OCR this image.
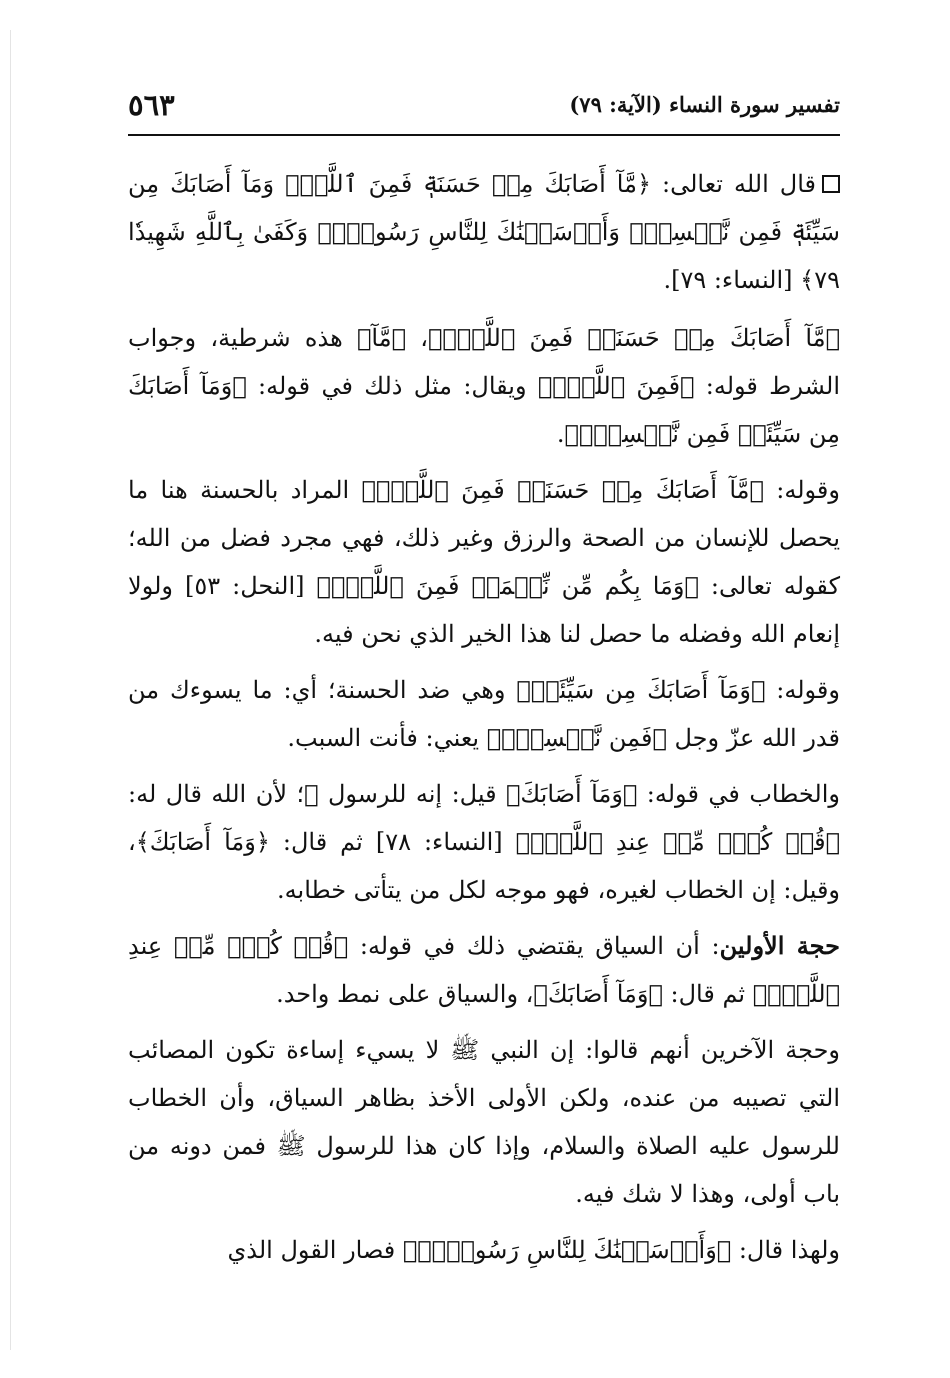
تفسير سورة النساء (الآية: ٧٩)
٥٦٣

قال الله تعالى: ﴿مَّآ أَصَابَكَ مِنۡ حَسَنَةٖ فَمِنَ ٱللَّهِۖ وَمَآ أَصَابَكَ مِن سَيِّئَةٖ فَمِن نَّفۡسِكَۚ وَأَرۡسَلۡنَٰكَ لِلنَّاسِ رَسُولٗاۚ وَكَفَىٰ بِٱللَّهِ شَهِيدٗا ٧٩﴾ [النساء: ٧٩].

﴿مَّآ أَصَابَكَ مِنۡ حَسَنَةٖ فَمِنَ ٱللَّهِۖ﴾، ﴿مَّآ﴾ هذه شرطية، وجواب الشرط قوله: ﴿فَمِنَ ٱللَّهِۖ﴾ ويقال: مثل ذلك في قوله: ﴿وَمَآ أَصَابَكَ مِن سَيِّئَةٖ فَمِن نَّفۡسِكَۚ﴾.

وقوله: ﴿مَّآ أَصَابَكَ مِنۡ حَسَنَةٖ فَمِنَ ٱللَّهِۖ﴾ المراد بالحسنة هنا ما يحصل للإنسان من الصحة والرزق وغير ذلك، فهي مجرد فضل من الله؛ كقوله تعالى: ﴿وَمَا بِكُم مِّن نِّعۡمَةٖ فَمِنَ ٱللَّهِۖ﴾ [النحل: ٥٣] ولولا إنعام الله وفضله ما حصل لنا هذا الخير الذي نحن فيه.

وقوله: ﴿وَمَآ أَصَابَكَ مِن سَيِّئَةٖ﴾ وهي ضد الحسنة؛ أي: ما يسوءك من قدر الله عزّ وجل ﴿فَمِن نَّفۡسِكَۚ﴾ يعني: فأنت السبب.

والخطاب في قوله: ﴿وَمَآ أَصَابَكَ﴾ قيل: إنه للرسول ﷺ؛ لأن الله قال له: ﴿قُلۡ كُلّٞ مِّنۡ عِندِ ٱللَّهِۖ﴾ [النساء: ٧٨] ثم قال: ﴿وَمَآ أَصَابَكَ﴾، وقيل: إن الخطاب لغيره، فهو موجه لكل من يتأتى خطابه.

حجة الأولين: أن السياق يقتضي ذلك في قوله: ﴿قُلۡ كُلّٞ مِّنۡ عِندِ ٱللَّهِۖ﴾ ثم قال: ﴿وَمَآ أَصَابَكَ﴾، والسياق على نمط واحد.

وحجة الآخرين أنهم قالوا: إن النبي ﷺ لا يسيء إساءة تكون المصائب التي تصيبه من عنده، ولكن الأولى الأخذ بظاهر السياق، وأن الخطاب للرسول عليه الصلاة والسلام، وإذا كان هذا للرسول ﷺ فمن دونه من باب أولى، وهذا لا شك فيه.

ولهذا قال: ﴿وَأَرۡسَلۡنَٰكَ لِلنَّاسِ رَسُولٗاۚ﴾ فصار القول الذي
